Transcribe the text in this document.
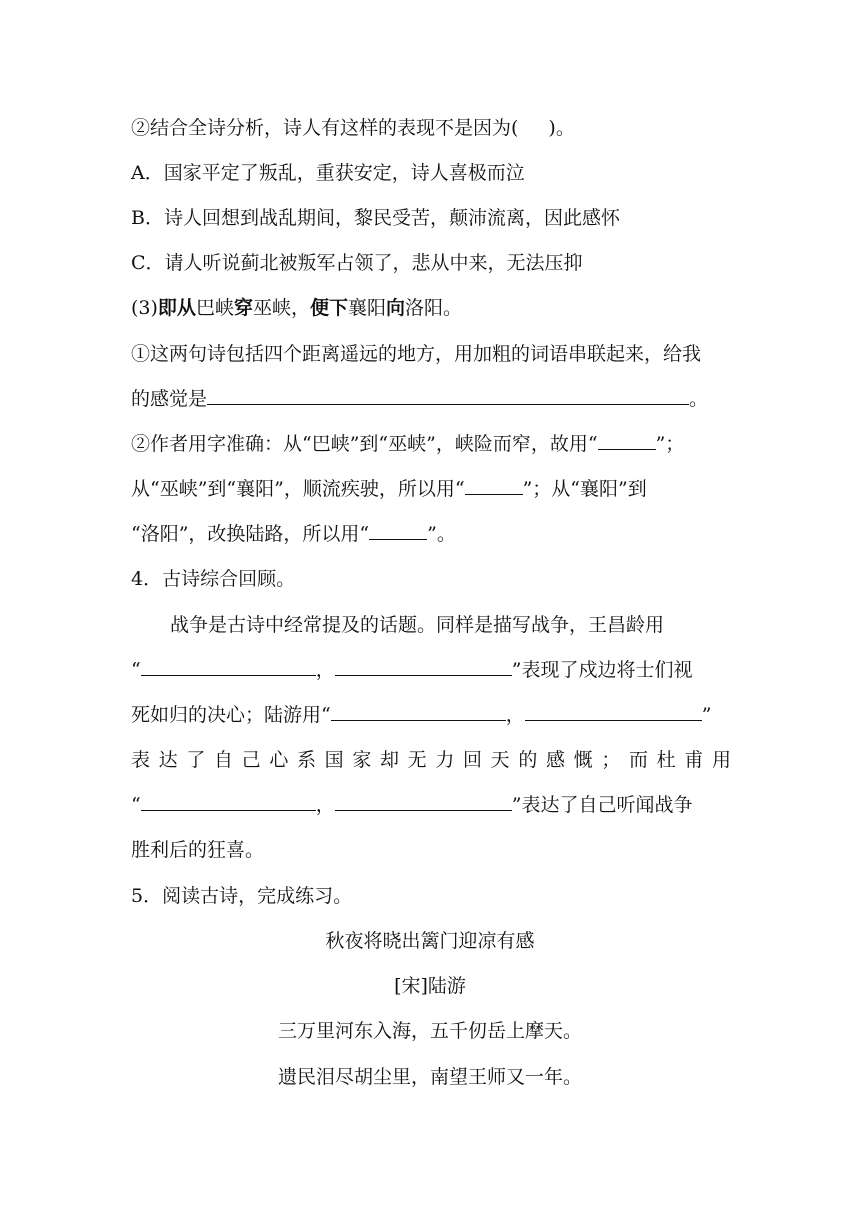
②结合全诗分析，诗人有这样的表现不是因为( )。
A．国家平定了叛乱，重获安定，诗人喜极而泣
B．诗人回想到战乱期间，黎民受苦，颠沛流离，因此感怀
C．请人听说蓟北被叛军占领了，悲从中来，无法压抑
(3)即从巴峡穿巫峡，便下襄阳向洛阳。
①这两句诗包括四个距离遥远的地方，用加粗的词语串联起来，给我
的感觉是	。
②作者用字准确：从“巴峡”到“巫峡”，峡险而窄，故用“	”；
从“巫峡”到“襄阳”，顺流疾驶，所以用“	”；从“襄阳”到
“洛阳”，改换陆路，所以用“	”。
4．古诗综合回顾。
战争是古诗中经常提及的话题。同样是描写战争，王昌龄用
“	，	”表现了戍边将士们视
死如归的决心；陆游用“	，	”
表达了自己心系国家却无力回天的感慨；而杜甫用
“	，	”表达了自己听闻战争
胜利后的狂喜。
5．阅读古诗，完成练习。
秋夜将晓出篱门迎凉有感
[宋]陆游
三万里河东入海，五千仞岳上摩天。
遗民泪尽胡尘里，南望王师又一年。
